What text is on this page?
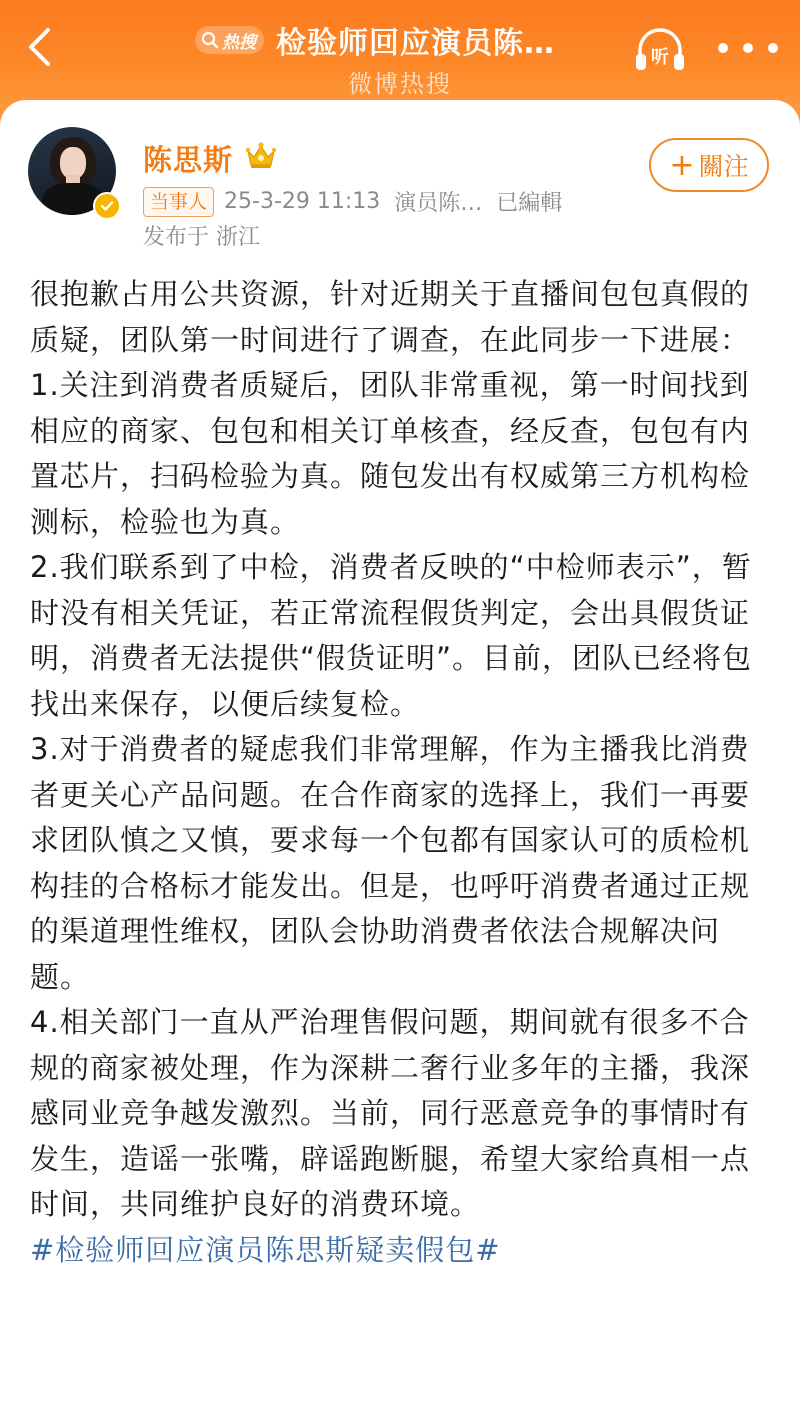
热搜 检验师回应演员陈…
微博热搜
听
陈思斯	+ 關注
当事人 25-3-29 11:13 演员陈… 已編輯
发布于 浙江

很抱歉占用公共资源，针对近期关于直播间包包真假的质疑，团队第一时间进行了调查，在此同步一下进展：

1.关注到消费者质疑后，团队非常重视，第一时间找到相应的商家、包包和相关订单核查，经反查，包包有内置芯片，扫码检验为真。随包发出有权威第三方机构检测标，检验也为真。

2.我们联系到了中检，消费者反映的“中检师表示”，暂时没有相关凭证，若正常流程假货判定，会出具假货证明，消费者无法提供“假货证明”。目前，团队已经将包找出来保存，以便后续复检。

3.对于消费者的疑虑我们非常理解，作为主播我比消费者更关心产品问题。在合作商家的选择上，我们一再要求团队慎之又慎，要求每一个包都有国家认可的质检机构挂的合格标才能发出。但是，也呼吁消费者通过正规的渠道理性维权，团队会协助消费者依法合规解决问题。

4.相关部门一直从严治理售假问题，期间就有很多不合规的商家被处理，作为深耕二奢行业多年的主播，我深感同业竞争越发激烈。当前，同行恶意竞争的事情时有发生，造谣一张嘴，辟谣跑断腿，希望大家给真相一点时间，共同维护良好的消费环境。

#检验师回应演员陈思斯疑卖假包#
